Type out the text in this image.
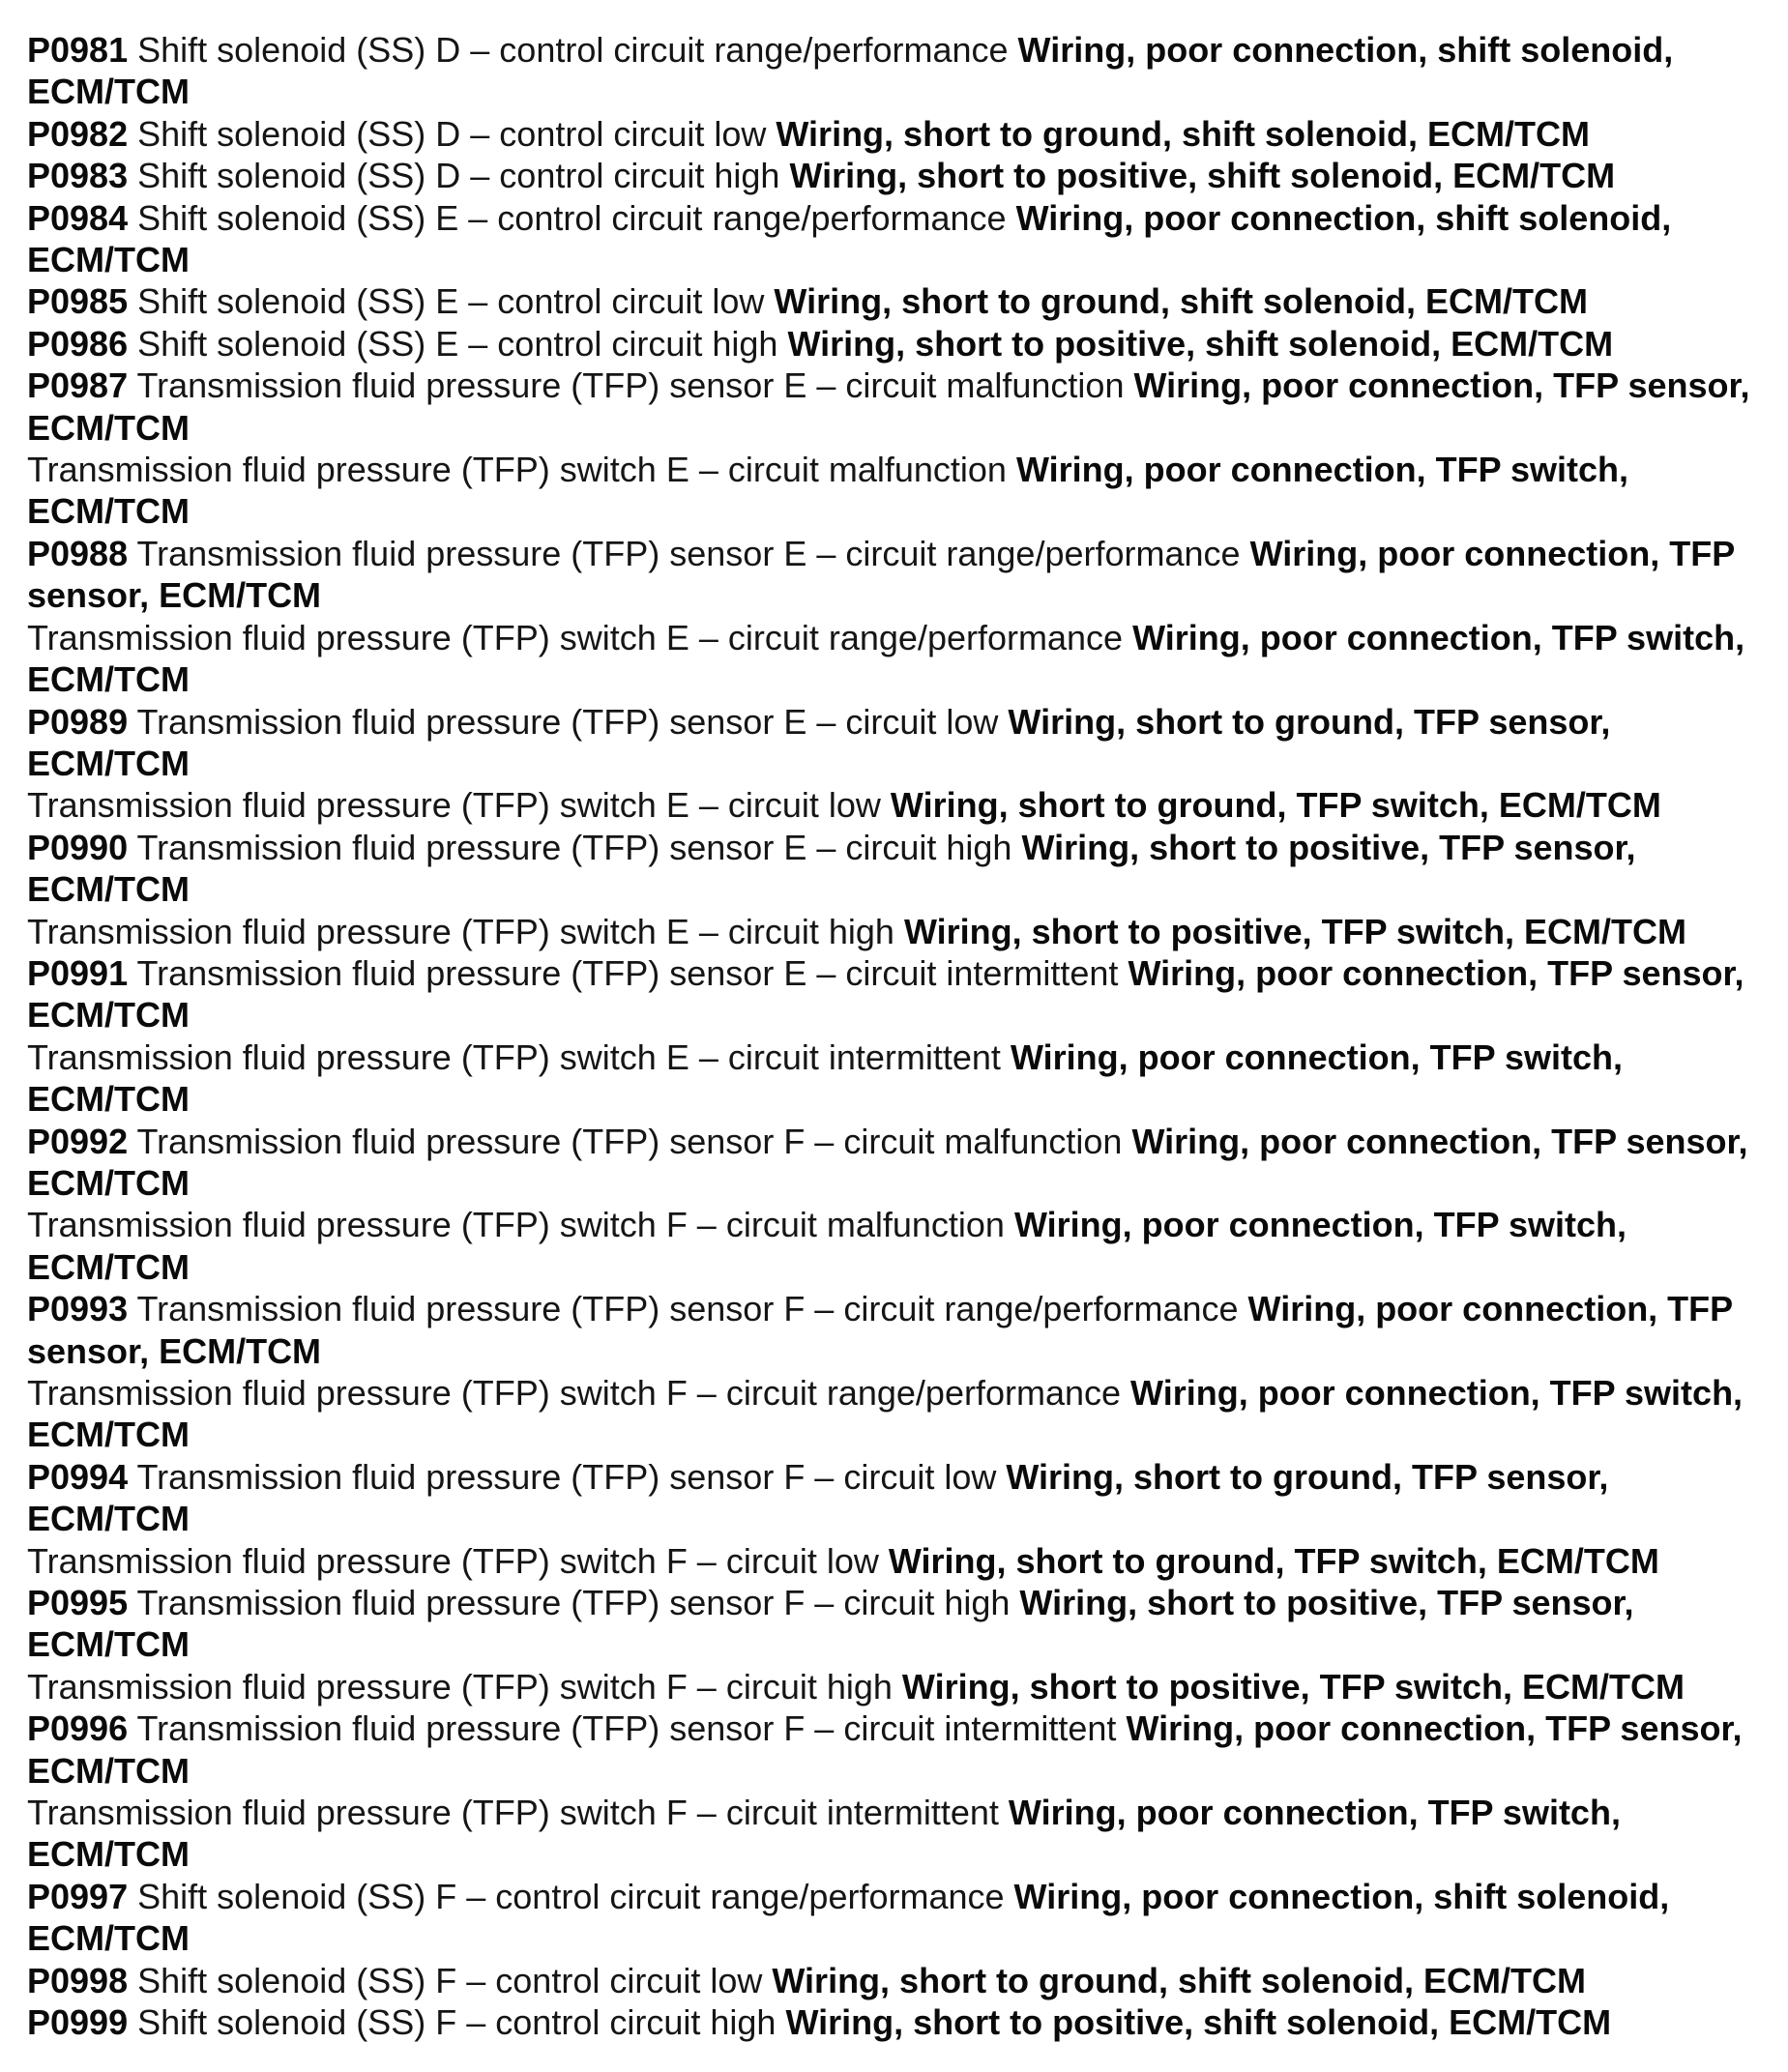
P0981 Shift solenoid (SS) D – control circuit range/performance Wiring, poor connection, shift solenoid, ECM/TCM

P0982 Shift solenoid (SS) D – control circuit low Wiring, short to ground, shift solenoid, ECM/TCM

P0983 Shift solenoid (SS) D – control circuit high Wiring, short to positive, shift solenoid, ECM/TCM

P0984 Shift solenoid (SS) E – control circuit range/performance Wiring, poor connection, shift solenoid, ECM/TCM

P0985 Shift solenoid (SS) E – control circuit low Wiring, short to ground, shift solenoid, ECM/TCM

P0986 Shift solenoid (SS) E – control circuit high Wiring, short to positive, shift solenoid, ECM/TCM

P0987 Transmission fluid pressure (TFP) sensor E – circuit malfunction Wiring, poor connection, TFP sensor, ECM/TCM

Transmission fluid pressure (TFP) switch E – circuit malfunction Wiring, poor connection, TFP switch, ECM/TCM

P0988 Transmission fluid pressure (TFP) sensor E – circuit range/performance Wiring, poor connection, TFP sensor, ECM/TCM

Transmission fluid pressure (TFP) switch E – circuit range/performance Wiring, poor connection, TFP switch, ECM/TCM

P0989 Transmission fluid pressure (TFP) sensor E – circuit low Wiring, short to ground, TFP sensor, ECM/TCM

Transmission fluid pressure (TFP) switch E – circuit low Wiring, short to ground, TFP switch, ECM/TCM

P0990 Transmission fluid pressure (TFP) sensor E – circuit high Wiring, short to positive, TFP sensor, ECM/TCM

Transmission fluid pressure (TFP) switch E – circuit high Wiring, short to positive, TFP switch, ECM/TCM

P0991 Transmission fluid pressure (TFP) sensor E – circuit intermittent Wiring, poor connection, TFP sensor, ECM/TCM

Transmission fluid pressure (TFP) switch E – circuit intermittent Wiring, poor connection, TFP switch, ECM/TCM

P0992 Transmission fluid pressure (TFP) sensor F – circuit malfunction Wiring, poor connection, TFP sensor, ECM/TCM

Transmission fluid pressure (TFP) switch F – circuit malfunction Wiring, poor connection, TFP switch, ECM/TCM

P0993 Transmission fluid pressure (TFP) sensor F – circuit range/performance Wiring, poor connection, TFP sensor, ECM/TCM

Transmission fluid pressure (TFP) switch F – circuit range/performance Wiring, poor connection, TFP switch, ECM/TCM

P0994 Transmission fluid pressure (TFP) sensor F – circuit low Wiring, short to ground, TFP sensor, ECM/TCM

Transmission fluid pressure (TFP) switch F – circuit low Wiring, short to ground, TFP switch, ECM/TCM

P0995 Transmission fluid pressure (TFP) sensor F – circuit high Wiring, short to positive, TFP sensor, ECM/TCM

Transmission fluid pressure (TFP) switch F – circuit high Wiring, short to positive, TFP switch, ECM/TCM

P0996 Transmission fluid pressure (TFP) sensor F – circuit intermittent Wiring, poor connection, TFP sensor, ECM/TCM

Transmission fluid pressure (TFP) switch F – circuit intermittent Wiring, poor connection, TFP switch, ECM/TCM

P0997 Shift solenoid (SS) F – control circuit range/performance Wiring, poor connection, shift solenoid, ECM/TCM

P0998 Shift solenoid (SS) F – control circuit low Wiring, short to ground, shift solenoid, ECM/TCM

P0999 Shift solenoid (SS) F – control circuit high Wiring, short to positive, shift solenoid, ECM/TCM
